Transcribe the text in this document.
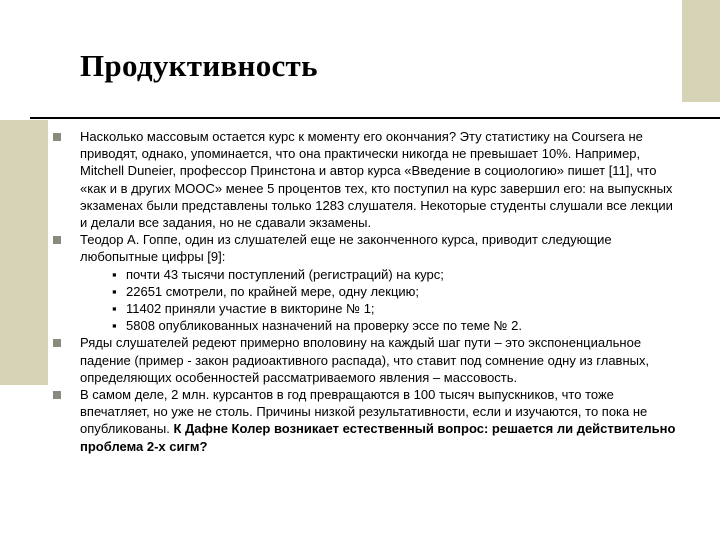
Продуктивность

Насколько массовым остается курс к моменту его окончания? Эту статистику на Coursera не приводят, однако, упоминается, что она практически никогда не превышает 10%. Например, Mitchell Duneier, профессор Принстона и автор курса «Введение в социологию» пишет [11], что «как и в других МООС» менее 5 процентов тех, кто поступил на курс завершил его: на выпускных экзаменах были представлены только 1283 слушателя. Некоторые студенты слушали все лекции и делали все задания, но не сдавали экзамены.

Теодор А. Гоппе, один из слушателей еще не законченного курса, приводит следующие любопытные цифры [9]:

▪ почти 43 тысячи поступлений (регистраций) на курс;
▪ 22651 смотрели, по крайней мере, одну лекцию;
▪ 11402 приняли участие в викторине № 1;
▪ 5808 опубликованных назначений на проверку эссе по теме № 2.

Ряды слушателей редеют примерно вполовину на каждый шаг пути – это экспоненциальное падение (пример - закон радиоактивного распада), что ставит под сомнение одну из главных, определяющих особенностей рассматриваемого явления – массовость.

В самом деле, 2 млн. курсантов в год превращаются в 100 тысяч выпускников, что тоже впечатляет, но уже не столь. Причины низкой результативности, если и изучаются, то пока не опубликованы. К Дафне Колер возникает естественный вопрос: решается ли действительно проблема 2-х сигм?
